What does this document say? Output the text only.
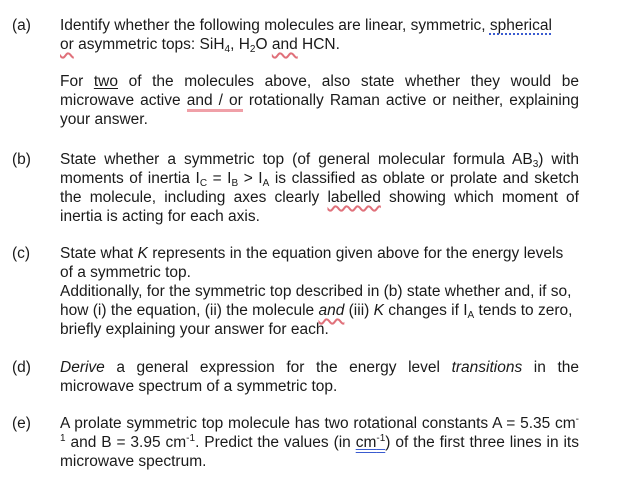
(a) Identify whether the following molecules are linear, symmetric, spherical
or asymmetric tops: SiH$_4$, $H_2O$ and HCN.
For two of the molecules above, also state whether they would be microwave active and / or rotationally Raman active or neither, explaining your answer.
(b) State whether a symmetric top (of general molecular formula $AB_3$) with moments of inertia $I_C = I_B > I_A$ is classified as oblate or prolate and sketch the molecule, including axes clearly labelled showing which moment of inertia is acting for each axis.
(c) State what K represents in the equation given above for the energy levels of a symmetric top.
Additionally, for the symmetric top described in (b) state whether and, if so, how (i) the equation, (ii) the molecule and (iii) K changes if $I_A$ tends to zero, briefly explaining your answer for each.
(d) Derive a general expression for the energy level transitions in the microwave spectrum of a symmetric top.
(e) A prolate symmetric top molecule has two rotational constants A = 5.35 $cm^{-1}$ and B = 3.95 $cm^{-1}$. Predict the values (in $cm^{-1}$) of the first three lines in its microwave spectrum.
